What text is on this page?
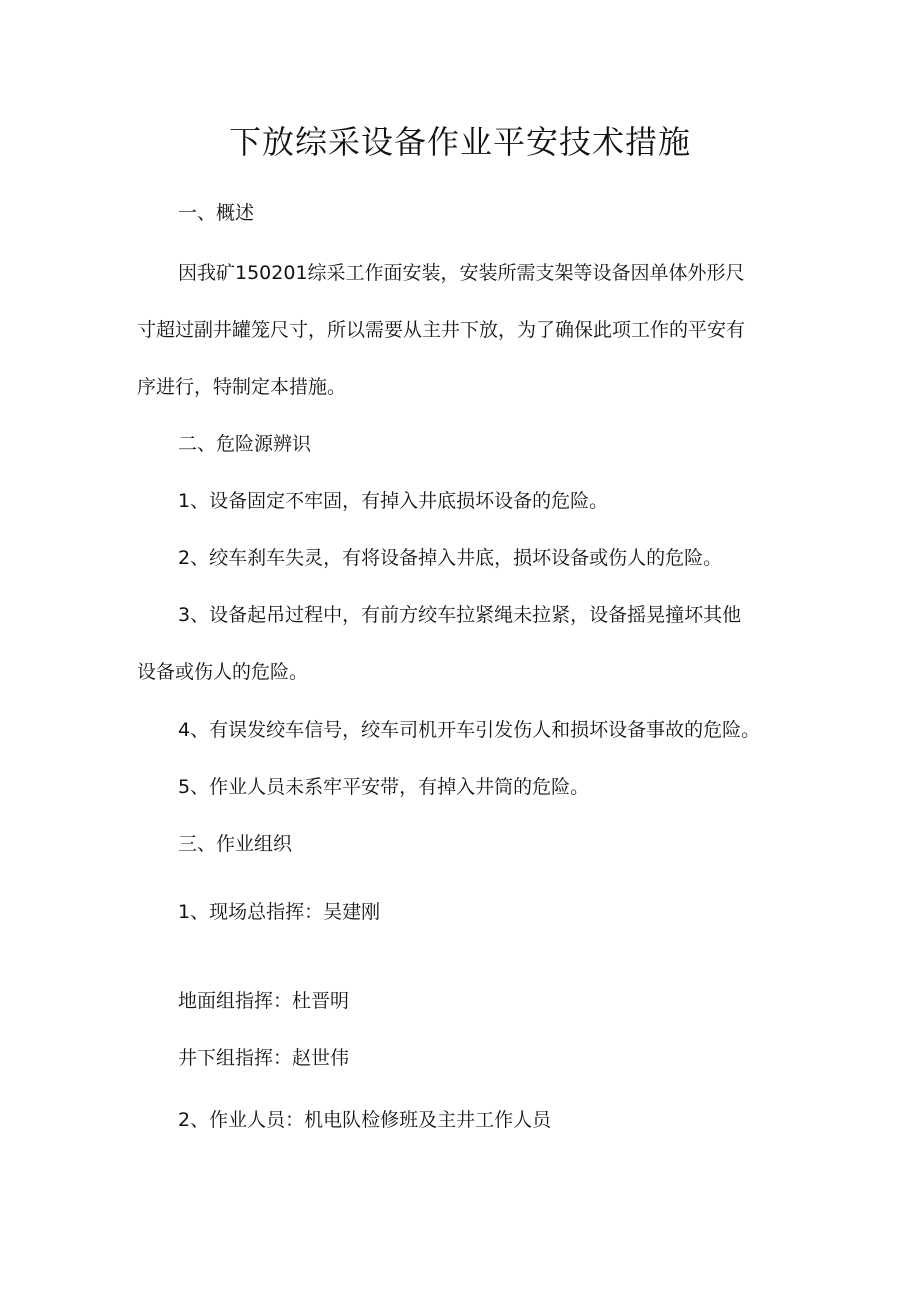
下放综采设备作业平安技术措施
一、概述
因我矿150201综采工作面安装，安装所需支架等设备因单体外形尺
寸超过副井罐笼尺寸，所以需要从主井下放，为了确保此项工作的平安有
序进行，特制定本措施。
二、危险源辨识
1、设备固定不牢固，有掉入井底损坏设备的危险。
2、绞车刹车失灵，有将设备掉入井底，损坏设备或伤人的危险。
3、设备起吊过程中，有前方绞车拉紧绳未拉紧，设备摇晃撞坏其他
设备或伤人的危险。
4、有误发绞车信号，绞车司机开车引发伤人和损坏设备事故的危险。
5、作业人员未系牢平安带，有掉入井筒的危险。
三、作业组织
1、现场总指挥：吴建刚
地面组指挥：杜晋明
井下组指挥：赵世伟
2、作业人员：机电队检修班及主井工作人员
